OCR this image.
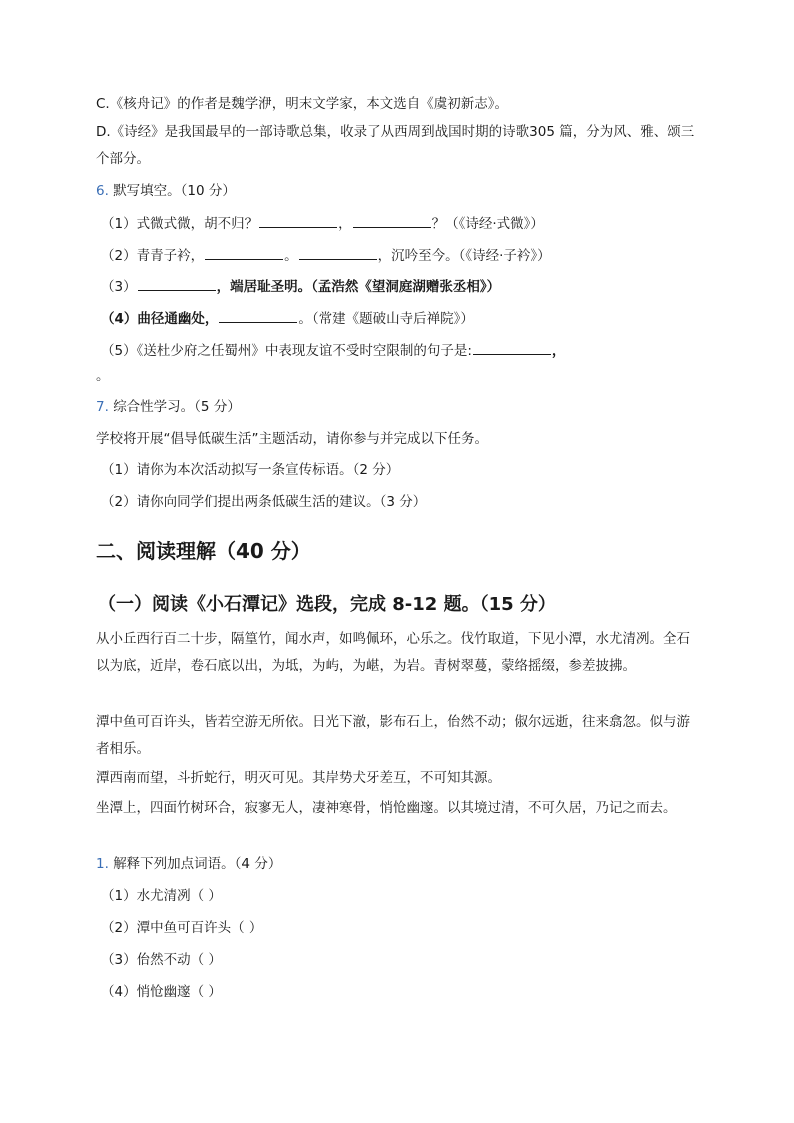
C.《核舟记》的作者是魏学洢，明末文学家，本文选自《虞初新志》。
D.《诗经》是我国最早的一部诗歌总集，收录了从西周到战国时期的诗歌305 篇，分为风、雅、颂三个部分。
6. 默写填空。（10 分）
（1）式微式微，胡不归？	，	？（《诗经·式微》）
（2）青青子衿，	。	，沉吟至今。（《诗经·子衿》）
（3）	，端居耻圣明。（孟浩然《望洞庭湖赠张丞相》）
（4）曲径通幽处，	。（常建《题破山寺后禅院》）
（5）《送杜少府之任蜀州》中表现友谊不受时空限制的句子是:	，
。
7. 综合性学习。（5 分）
学校将开展“倡导低碳生活”主题活动，请你参与并完成以下任务。
（1）请你为本次活动拟写一条宣传标语。（2 分）
（2）请你向同学们提出两条低碳生活的建议。（3 分）
二、阅读理解（40 分）
（一）阅读《小石潭记》选段，完成 8-12 题。（15 分）
从小丘西行百二十步，隔篁竹，闻水声，如鸣佩环，心乐之。伐竹取道，下见小潭，水尤清冽。全石以为底，近岸，卷石底以出，为坻，为屿，为嵁，为岩。青树翠蔓，蒙络摇缀，参差披拂。
潭中鱼可百许头，皆若空游无所依。日光下澈，影布石上，佁然不动；俶尔远逝，往来翕忽。似与游者相乐。
潭西南而望，斗折蛇行，明灭可见。其岸势犬牙差互，不可知其源。
坐潭上，四面竹树环合，寂寥无人，凄神寒骨，悄怆幽邃。以其境过清，不可久居，乃记之而去。
1. 解释下列加点词语。（4 分）
（1）水尤清冽（ ）
（2）潭中鱼可百许头（ ）
（3）佁然不动（ ）
（4）悄怆幽邃（ ）
